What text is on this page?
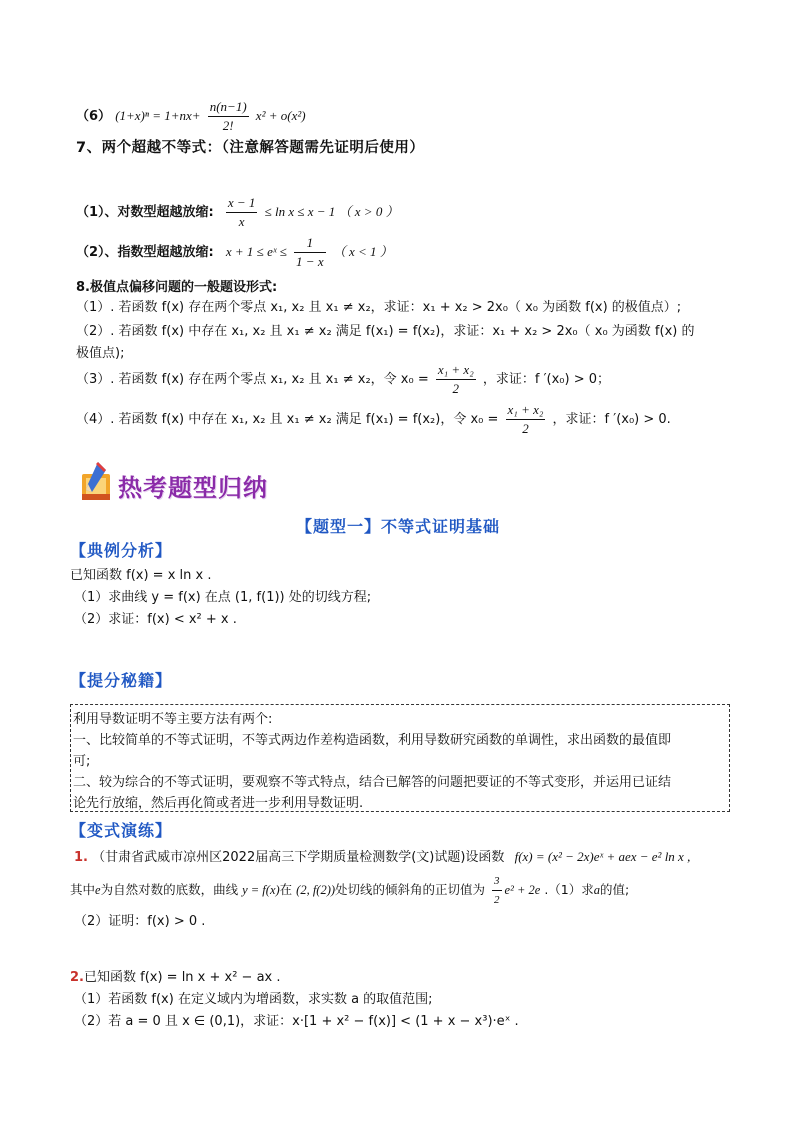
（6） $(1+x)^n = 1+nx+ \frac{n(n-1)}{2!} x^2 + o(x^2)$
7、两个超越不等式：（注意解答题需先证明后使用）
（1）、对数型超越放缩: $\frac{x - 1}{x} \le \ln x \le x - 1$ （ x > 0 ）
（2）、指数型超越放缩: x + 1 ≤ eˣ ≤ $\frac{1}{1 - x}$ （ x < 1 ）
8.极值点偏移问题的一般题设形式:
（1）. 若函数 f(x) 存在两个零点 x₁, x₂ 且 x₁ ≠ x₂，求证：x₁ + x₂ > 2x₀（ x₀ 为函数 f(x) 的极值点）;
（2）. 若函数 f(x) 中存在 x₁, x₂ 且 x₁ ≠ x₂ 满足 f(x₁) = f(x₂)，求证：x₁ + x₂ > 2x₀（ x₀ 为函数 f(x) 的
极值点);
（3）. 若函数 f(x) 存在两个零点 x₁, x₂ 且 x₁ ≠ x₂，令 $x_0 = \frac{\text{x₁ + x₂}}{2}$ ，求证：f ′(x₀) > 0；
（4）. 若函数 f(x) 中存在 x₁, x₂ 且 x₁ ≠ x₂ 满足 f(x₁) = f(x₂)，令 $x_0 = \frac{\text{x₁ + x₂}}{2}$ ，求证：f ′(x₀) > 0.
热考题型归纳
【题型一】不等式证明基础
【典例分析】
已知函数 f(x) = x ln x .
（1）求曲线 y = f(x) 在点 (1, f(1)) 处的切线方程;
（2）求证：f(x) < x² + x .
【提分秘籍】
利用导数证明不等主要方法有两个:
一、比较简单的不等式证明，不等式两边作差构造函数，利用导数研究函数的单调性，求出函数的最值即
可;
二、较为综合的不等式证明，要观察不等式特点，结合已解答的问题把要证的不等式变形，并运用已证结
论先行放缩，然后再化简或者进一步利用导数证明.
【变式演练】
1. （甘肃省武威市凉州区2022届高三下学期质量检测数学(文)试题)设函数 f(x) = (x² − 2x)eˣ + aex − e² ln x ,
其中e为自然对数的底数，曲线 y = f(x)在 (2, f(2))处切线的倾斜角的正切值为 $\frac{3}{2} e^2 + 2e$ .（1）求a的值;
（2）证明：f(x) > 0 .
2.已知函数 f(x) = ln x + x² − ax .
（1）若函数 f(x) 在定义域内为增函数，求实数 a 的取值范围;
（2）若 a = 0 且 x ∈ (0,1)，求证：x·[1 + x² − f(x)] < (1 + x − x³)·eˣ .
